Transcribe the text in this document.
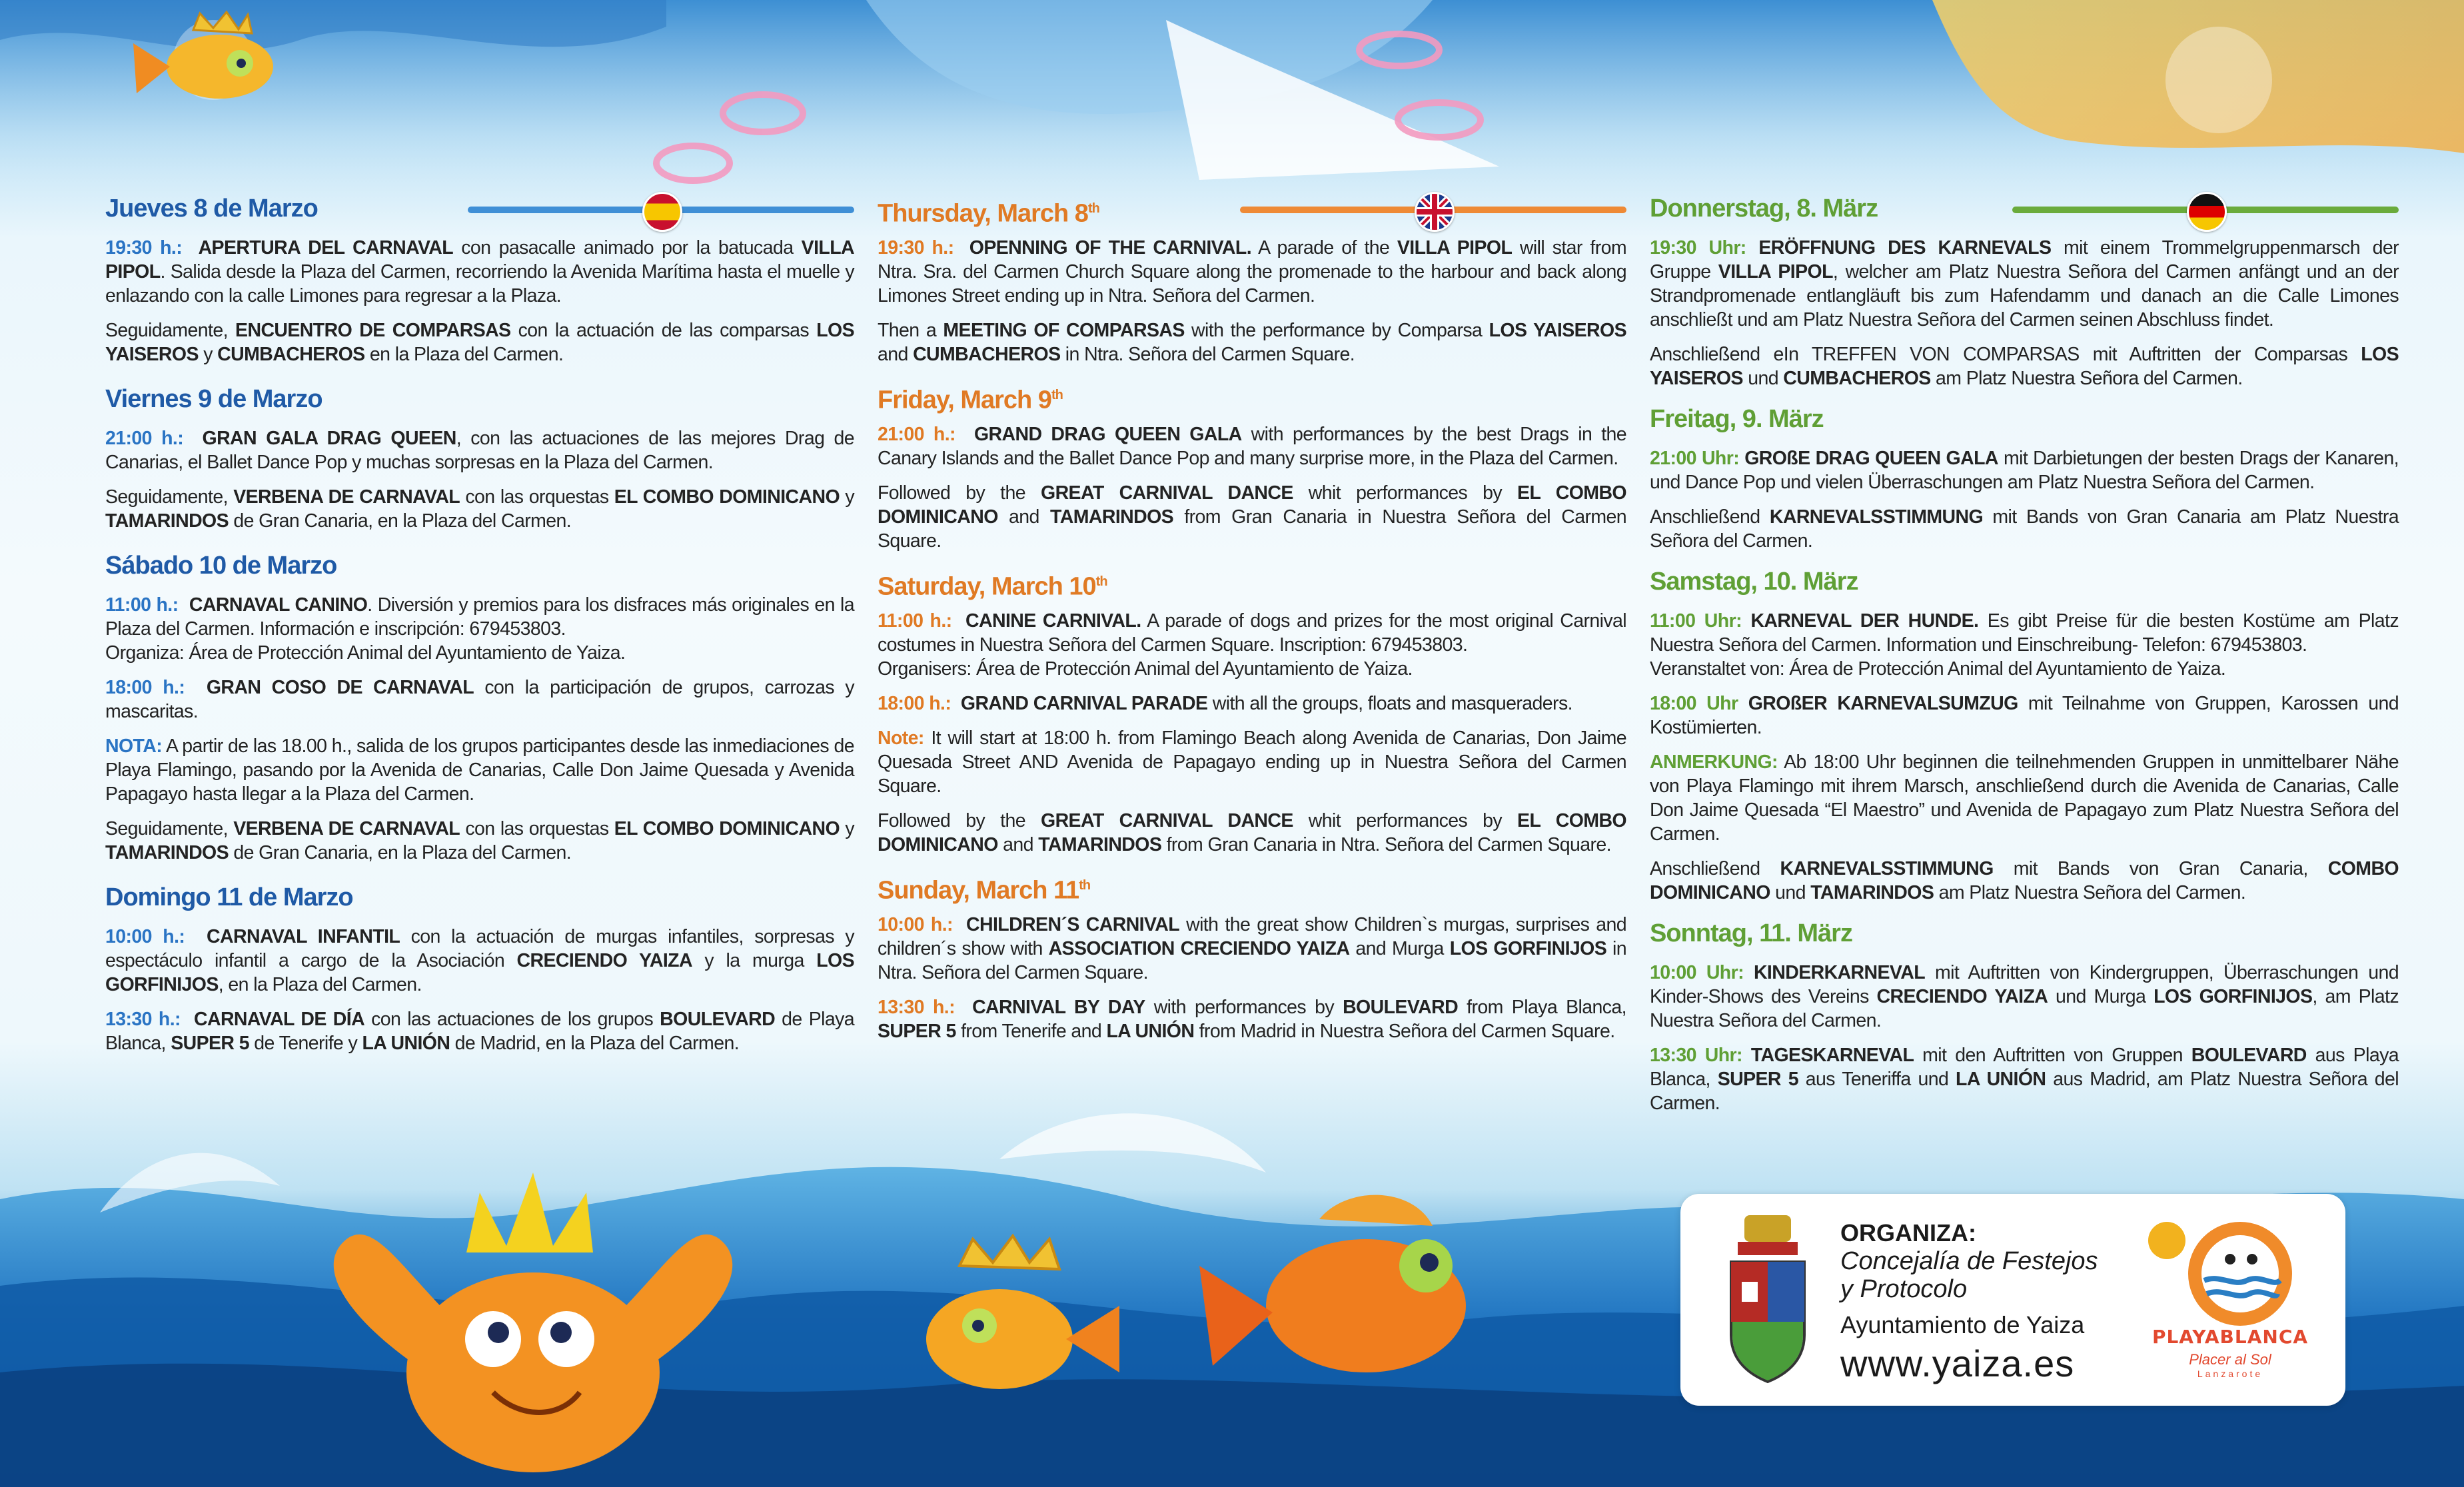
Jueves 8 de Marzo

19:30 h.: APERTURA DEL CARNAVAL con pasacalle animado por la batucada VILLA PIPOL. Salida desde la Plaza del Carmen, recorriendo la Avenida Marítima hasta el muelle y enlazando con la calle Limones para regresar a la Plaza.

Seguidamente, ENCUENTRO DE COMPARSAS con la actuación de las comparsas LOS YAISEROS y CUMBACHEROS en la Plaza del Carmen.

Viernes 9 de Marzo

21:00 h.: GRAN GALA DRAG QUEEN, con las actuaciones de las mejores Drag de Canarias, el Ballet Dance Pop y muchas sorpresas en la Plaza del Carmen.

Seguidamente, VERBENA DE CARNAVAL con las orquestas EL COMBO DOMINICANO y TAMARINDOS de Gran Canaria, en la Plaza del Carmen.

Sábado 10 de Marzo

11:00 h.: CARNAVAL CANINO. Diversión y premios para los disfraces más originales en la Plaza del Carmen. Información e inscripción: 679453803.
Organiza: Área de Protección Animal del Ayuntamiento de Yaiza.

18:00 h.: GRAN COSO DE CARNAVAL con la participación de grupos, carrozas y mascaritas.

NOTA: A partir de las 18.00 h., salida de los grupos participantes desde las inmediaciones de Playa Flamingo, pasando por la Avenida de Canarias, Calle Don Jaime Quesada y Avenida Papagayo hasta llegar a la Plaza del Carmen.

Seguidamente, VERBENA DE CARNAVAL con las orquestas EL COMBO DOMINICANO y TAMARINDOS de Gran Canaria, en la Plaza del Carmen.

Domingo 11 de Marzo

10:00 h.: CARNAVAL INFANTIL con la actuación de murgas infantiles, sorpresas y espectáculo infantil a cargo de la Asociación CRECIENDO YAIZA y la murga LOS GORFINIJOS, en la Plaza del Carmen.

13:30 h.: CARNAVAL DE DÍA con las actuaciones de los grupos BOULEVARD de Playa Blanca, SUPER 5 de Tenerife y LA UNIÓN de Madrid, en la Plaza del Carmen.

Thursday, March 8th

19:30 h.: OPENNING OF THE CARNIVAL. A parade of the VILLA PIPOL will star from Ntra. Sra. del Carmen Church Square along the promenade to the harbour and back along Limones Street ending up in Ntra. Señora del Carmen.

Then a MEETING OF COMPARSAS with the performance by Comparsa LOS YAISEROS and CUMBACHEROS in Ntra. Señora del Carmen Square.

Friday, March 9th

21:00 h.: GRAND DRAG QUEEN GALA with performances by the best Drags in the Canary Islands and the Ballet Dance Pop and many surprise more, in the Plaza del Carmen.

Followed by the GREAT CARNIVAL DANCE whit performances by EL COMBO DOMINICANO and TAMARINDOS from Gran Canaria in Nuestra Señora del Carmen Square.

Saturday, March 10th

11:00 h.: CANINE CARNIVAL. A parade of dogs and prizes for the most original Carnival costumes in Nuestra Señora del Carmen Square. Inscription: 679453803.
Organisers: Área de Protección Animal del Ayuntamiento de Yaiza.

18:00 h.: GRAND CARNIVAL PARADE with all the groups, floats and masqueraders.

Note: It will start at 18:00 h. from Flamingo Beach along Avenida de Canarias, Don Jaime Quesada Street AND Avenida de Papagayo ending up in Nuestra Señora del Carmen Square.

Followed by the GREAT CARNIVAL DANCE whit performances by EL COMBO DOMINICANO and TAMARINDOS from Gran Canaria in Ntra. Señora del Carmen Square.

Sunday, March 11th

10:00 h.: CHILDREN´S CARNIVAL with the great show Children`s murgas, surprises and children´s show with ASSOCIATION CRECIENDO YAIZA and Murga LOS GORFINIJOS in Ntra. Señora del Carmen Square.

13:30 h.: CARNIVAL BY DAY with performances by BOULEVARD from Playa Blanca, SUPER 5 from Tenerife and LA UNIÓN from Madrid in Nuestra Señora del Carmen Square.

Donnerstag, 8. März

19:30 Uhr: ERÖFFNUNG DES KARNEVALS mit einem Trommelgruppenmarsch der Gruppe VILLA PIPOL, welcher am Platz Nuestra Señora del Carmen anfängt und an der Strandpromenade entlangläuft bis zum Hafendamm und danach an die Calle Limones anschließt und am Platz Nuestra Señora del Carmen seinen Abschluss findet.

Anschließend eIn TREFFEN VON COMPARSAS mit Auftritten der Comparsas LOS YAISEROS und CUMBACHEROS am Platz Nuestra Señora del Carmen.

Freitag, 9. März

21:00 Uhr: GROßE DRAG QUEEN GALA mit Darbietungen der besten Drags der Kanaren, und Dance Pop und vielen Überraschungen am Platz Nuestra Señora del Carmen.

Anschließend KARNEVALSSTIMMUNG mit Bands von Gran Canaria am Platz Nuestra Señora del Carmen.

Samstag, 10. März

11:00 Uhr: KARNEVAL DER HUNDE. Es gibt Preise für die besten Kostüme am Platz Nuestra Señora del Carmen. Information und Einschreibung- Telefon: 679453803.
Veranstaltet von: Área de Protección Animal del Ayuntamiento de Yaiza.

18:00 Uhr GROßER KARNEVALSUMZUG mit Teilnahme von Gruppen, Karossen und Kostümierten.

ANMERKUNG: Ab 18:00 Uhr beginnen die teilnehmenden Gruppen in unmittelbarer Nähe von Playa Flamingo mit ihrem Marsch, anschließend durch die Avenida de Canarias, Calle Don Jaime Quesada “El Maestro” und Avenida de Papagayo zum Platz Nuestra Señora del Carmen.

Anschließend KARNEVALSSTIMMUNG mit Bands von Gran Canaria, COMBO DOMINICANO und TAMARINDOS am Platz Nuestra Señora del Carmen.

Sonntag, 11. März

10:00 Uhr: KINDERKARNEVAL mit Auftritten von Kindergruppen, Überraschungen und Kinder-Shows des Vereins CRECIENDO YAIZA und Murga LOS GORFINIJOS, am Platz Nuestra Señora del Carmen.

13:30 Uhr: TAGESKARNEVAL mit den Auftritten von Gruppen BOULEVARD aus Playa Blanca, SUPER 5 aus Teneriffa und LA UNIÓN aus Madrid, am Platz Nuestra Señora del Carmen.

ORGANIZA:
Concejalía de Festejos
y Protocolo
Ayuntamiento de Yaiza
www.yaiza.es
PLAYABLANCA
Placer al Sol
Lanzarote
